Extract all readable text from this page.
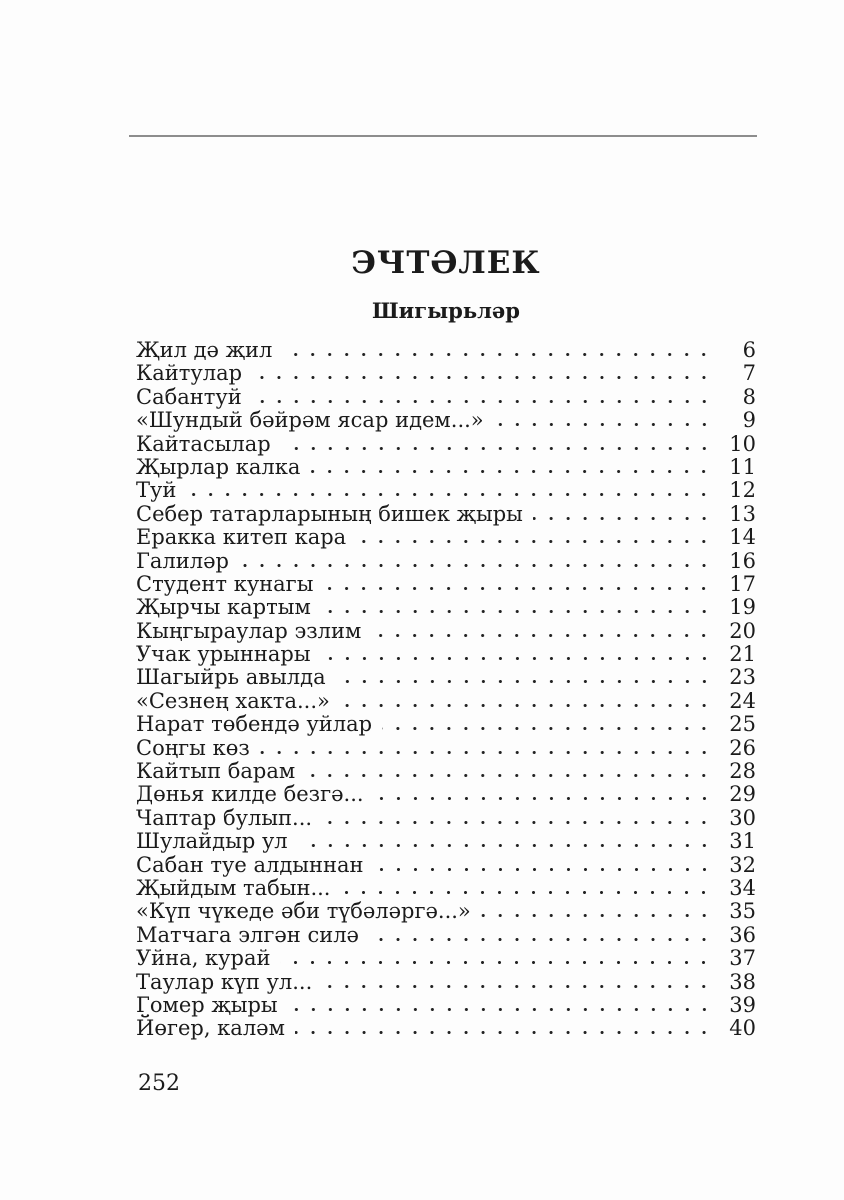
ЭЧТӘЛЕК
Шигырьләр
Җил дә җил	6
Кайтулар	7
Сабантуй	8
«Шундый бәйрәм ясар идем...»	9
Кайтасылар	10
Җырлар калка	11
Туй	12
Себер татарларының бишек җыры	13
Еракка китеп кара	14
Галиләр	16
Студент кунагы	17
Җырчы картым	19
Кыңгыраулар эзлим	20
Учак урыннары	21
Шагыйрь авылда	23
«Сезнең хакта...»	24
Нарат төбендә уйлар	25
Соңгы көз	26
Кайтып барам	28
Дөнья килде безгә...	29
Чаптар булып...	30
Шулайдыр ул	31
Сабан туе алдыннан	32
Җыйдым табын...	34
«Күп чүкеде әби түбәләргә...»	35
Матчага элгән силә	36
Уйна, курай	37
Таулар күп ул...	38
Гомер җыры	39
Йөгер, каләм	40
252
